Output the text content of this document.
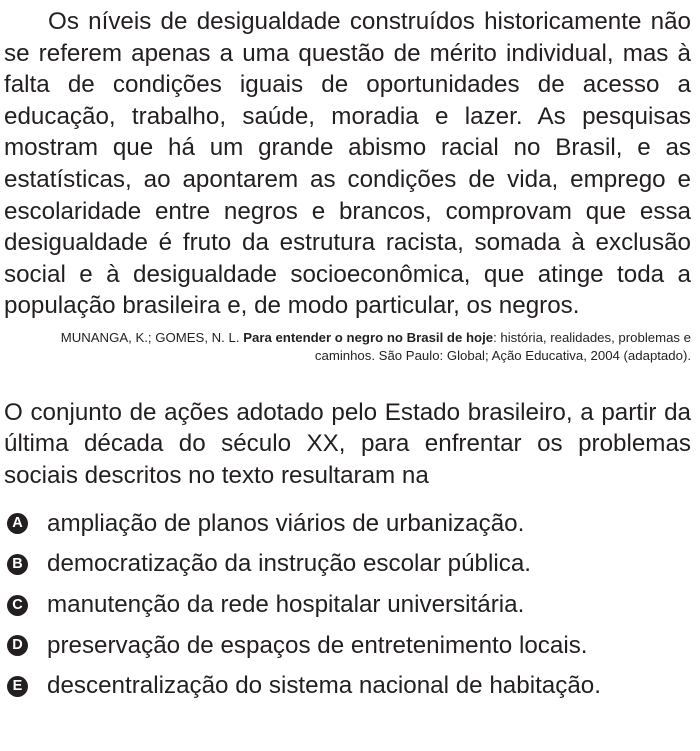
Os níveis de desigualdade construídos historicamente não se referem apenas a uma questão de mérito individual, mas à falta de condições iguais de oportunidades de acesso a educação, trabalho, saúde, moradia e lazer. As pesquisas mostram que há um grande abismo racial no Brasil, e as estatísticas, ao apontarem as condições de vida, emprego e escolaridade entre negros e brancos, comprovam que essa desigualdade é fruto da estrutura racista, somada à exclusão social e à desigualdade socioeconômica, que atinge toda a população brasileira e, de modo particular, os negros.

MUNANGA, K.; GOMES, N. L. Para entender o negro no Brasil de hoje: história, realidades, problemas e caminhos. São Paulo: Global; Ação Educativa, 2004 (adaptado).

O conjunto de ações adotado pelo Estado brasileiro, a partir da última década do século XX, para enfrentar os problemas sociais descritos no texto resultaram na

A ampliação de planos viários de urbanização.
B democratização da instrução escolar pública.
C manutenção da rede hospitalar universitária.
D preservação de espaços de entretenimento locais.
E descentralização do sistema nacional de habitação.
